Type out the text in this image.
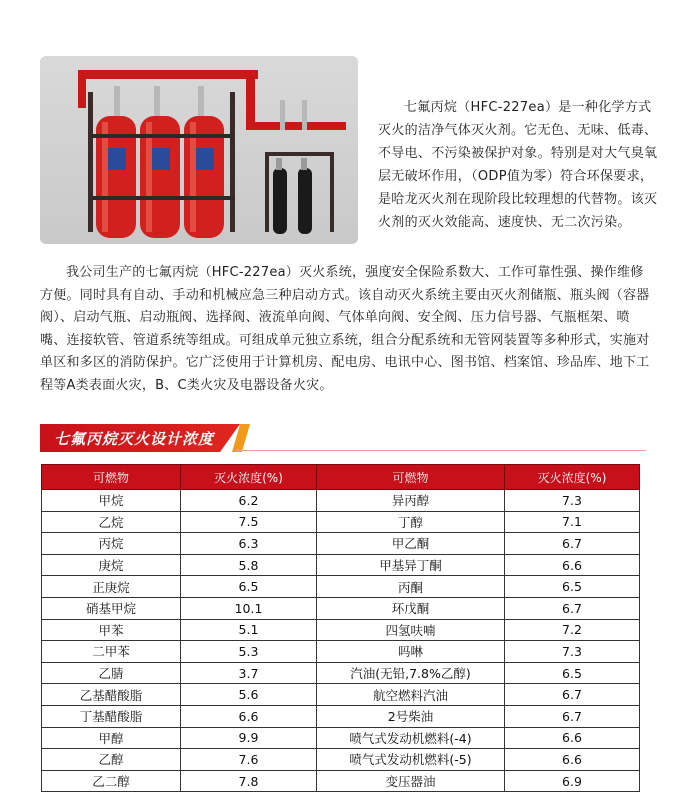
七氟丙烷（HFC-227ea）是一种化学方式灭火的洁净气体灭火剂。它无色、无味、低毒、不导电、不污染被保护对象。特别是对大气臭氧层无破坏作用，（ODP值为零）符合环保要求，是哈龙灭火剂在现阶段比较理想的代替物。该灭火剂的灭火效能高、速度快、无二次污染。

我公司生产的七氟丙烷（HFC-227ea）灭火系统，强度安全保险系数大、工作可靠性强、操作维修方便。同时具有自动、手动和机械应急三种启动方式。该自动灭火系统主要由灭火剂储瓶、瓶头阀（容器阀）、启动气瓶、启动瓶阀、选择阀、液流单向阀、气体单向阀、安全阀、压力信号器、气瓶框架、喷嘴、连接软管、管道系统等组成。可组成单元独立系统，组合分配系统和无管网装置等多种形式，实施对单区和多区的消防保护。它广泛使用于计算机房、配电房、电讯中心、图书馆、档案馆、珍品库、地下工程等A类表面火灾，B、C类火灾及电器设备火灾。

七氟丙烷灭火设计浓度
可燃物	灭火浓度(%)	可燃物	灭火浓度(%)
甲烷	6.2	异丙醇	7.3
乙烷	7.5	丁醇	7.1
丙烷	6.3	甲乙酮	6.7
庚烷	5.8	甲基异丁酮	6.6
正庚烷	6.5	丙酮	6.5
硝基甲烷	10.1	环戊酮	6.7
甲苯	5.1	四氢呋喃	7.2
二甲苯	5.3	吗啉	7.3
乙腈	3.7	汽油(无铅,7.8%乙醇)	6.5
乙基醋酸脂	5.6	航空燃料汽油	6.7
丁基醋酸脂	6.6	2号柴油	6.7
甲醇	9.9	喷气式发动机燃料(-4)	6.6
乙醇	7.6	喷气式发动机燃料(-5)	6.6
乙二醇	7.8	变压器油	6.9
